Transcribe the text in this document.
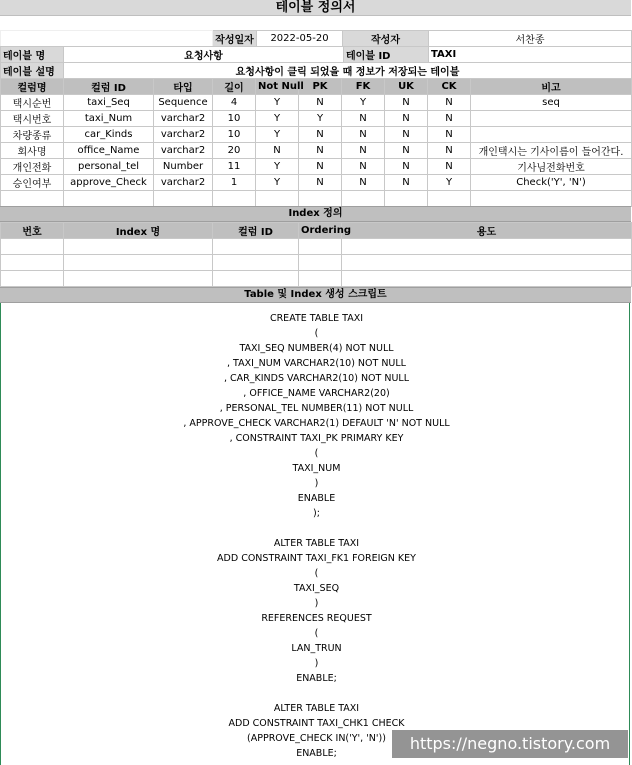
테이블 정의서
	작성일자	2022-05-20	작성자	서찬종
테이블 명	요청사항	테이블 ID	TAXI
테이블 설명	요청사항이 클릭 되었을 때 정보가 저장되는 테이블		
컬럼명	컬럼 ID	타입	길이	Not Null	PK	FK	UK	CK	비고
택시순번	taxi_Seq	Sequence	4	Y	N	Y	N	N	seq
택시번호	taxi_Num	varchar2	10	Y	Y	N	N	N	
차량종류	car_Kinds	varchar2	10	Y	N	N	N	N	
회사명	office_Name	varchar2	20	N	N	N	N	N	개인택시는 기사이름이 들어간다.
개인전화	personal_tel	Number	11	Y	N	N	N	N	기사님전화번호
승인여부	approve_Check	varchar2	1	Y	N	N	N	Y	Check('Y', 'N')

Index 정의
번호	Index 명	컬럼 ID	Ordering	용도

Table 및 Index 생성 스크립트
CREATE TABLE TAXI
(
TAXI_SEQ NUMBER(4) NOT NULL
, TAXI_NUM VARCHAR2(10) NOT NULL
, CAR_KINDS VARCHAR2(10) NOT NULL
, OFFICE_NAME VARCHAR2(20)
, PERSONAL_TEL NUMBER(11) NOT NULL
, APPROVE_CHECK VARCHAR2(1) DEFAULT 'N' NOT NULL
, CONSTRAINT TAXI_PK PRIMARY KEY
(
TAXI_NUM
)
ENABLE
);
ALTER TABLE TAXI
ADD CONSTRAINT TAXI_FK1 FOREIGN KEY
(
TAXI_SEQ
)
REFERENCES REQUEST
(
LAN_TRUN
)
ENABLE;
ALTER TABLE TAXI
ADD CONSTRAINT TAXI_CHK1 CHECK
(APPROVE_CHECK IN('Y', 'N'))
ENABLE;
https://negno.tistory.com
